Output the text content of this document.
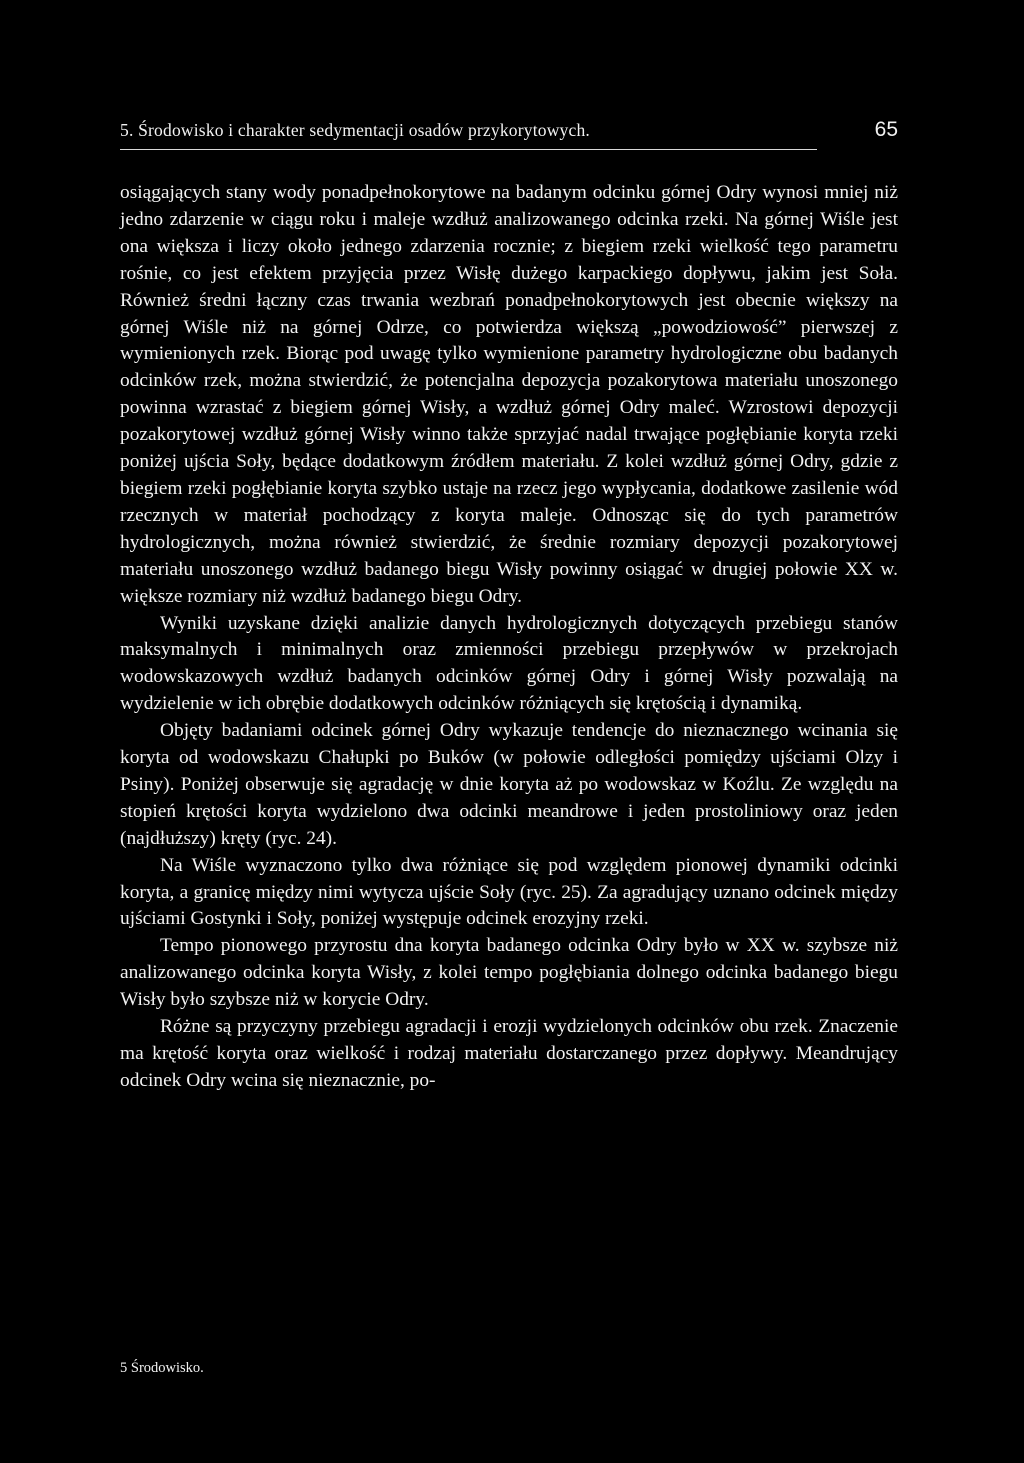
5. Środowisko i charakter sedymentacji osadów przykorytowych.	65

osiągających stany wody ponadpełnokorytowe na badanym odcinku górnej Odry wynosi mniej niż jedno zdarzenie w ciągu roku i maleje wzdłuż analizowanego odcinka rzeki. Na górnej Wiśle jest ona większa i liczy około jednego zdarzenia rocznie; z biegiem rzeki wielkość tego parametru rośnie, co jest efektem przyjęcia przez Wisłę dużego karpackiego dopływu, jakim jest Soła. Również średni łączny czas trwania wezbrań ponadpełnokorytowych jest obecnie większy na górnej Wiśle niż na górnej Odrze, co potwierdza większą „powodziowość” pierwszej z wymienionych rzek. Biorąc pod uwagę tylko wymienione parametry hydrologiczne obu badanych odcinków rzek, można stwierdzić, że potencjalna depozycja pozakorytowa materiału unoszonego powinna wzrastać z biegiem górnej Wisły, a wzdłuż górnej Odry maleć. Wzrostowi depozycji pozakorytowej wzdłuż górnej Wisły winno także sprzyjać nadal trwające pogłębianie koryta rzeki poniżej ujścia Soły, będące dodatkowym źródłem materiału. Z kolei wzdłuż górnej Odry, gdzie z biegiem rzeki pogłębianie koryta szybko ustaje na rzecz jego wypłycania, dodatkowe zasilenie wód rzecznych w materiał pochodzący z koryta maleje. Odnosząc się do tych parametrów hydrologicznych, można również stwierdzić, że średnie rozmiary depozycji pozakorytowej materiału unoszonego wzdłuż badanego biegu Wisły powinny osiągać w drugiej połowie XX w. większe rozmiary niż wzdłuż badanego biegu Odry.

Wyniki uzyskane dzięki analizie danych hydrologicznych dotyczących przebiegu stanów maksymalnych i minimalnych oraz zmienności przebiegu przepływów w przekrojach wodowskazowych wzdłuż badanych odcinków górnej Odry i górnej Wisły pozwalają na wydzielenie w ich obrębie dodatkowych odcinków różniących się krętością i dynamiką.

Objęty badaniami odcinek górnej Odry wykazuje tendencje do nieznacznego wcinania się koryta od wodowskazu Chałupki po Buków (w połowie odległości pomiędzy ujściami Olzy i Psiny). Poniżej obserwuje się agradację w dnie koryta aż po wodowskaz w Koźlu. Ze względu na stopień krętości koryta wydzielono dwa odcinki meandrowe i jeden prostoliniowy oraz jeden (najdłuższy) kręty (ryc. 24).

Na Wiśle wyznaczono tylko dwa różniące się pod względem pionowej dynamiki odcinki koryta, a granicę między nimi wytycza ujście Soły (ryc. 25). Za agradujący uznano odcinek między ujściami Gostynki i Soły, poniżej występuje odcinek erozyjny rzeki.

Tempo pionowego przyrostu dna koryta badanego odcinka Odry było w XX w. szybsze niż analizowanego odcinka koryta Wisły, z kolei tempo pogłębiania dolnego odcinka badanego biegu Wisły było szybsze niż w korycie Odry.

Różne są przyczyny przebiegu agradacji i erozji wydzielonych odcinków obu rzek. Znaczenie ma krętość koryta oraz wielkość i rodzaj materiału dostarczanego przez dopływy. Meandrujący odcinek Odry wcina się nieznacznie, po-

5 Środowisko.
